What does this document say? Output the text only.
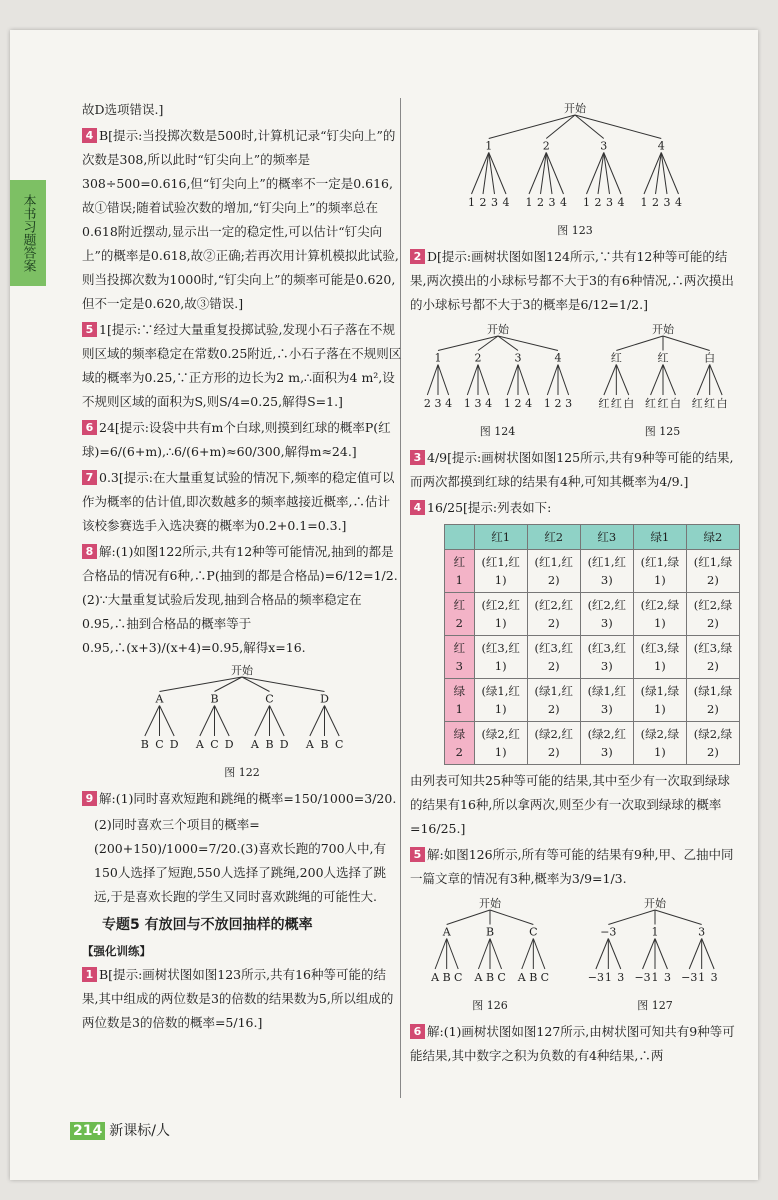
本书习题答案

故D选项错误.]

4 B[提示:当投掷次数是500时,计算机记录“钉尖向上”的次数是308,所以此时“钉尖向上”的频率是308÷500=0.616,但“钉尖向上”的概率不一定是0.616,故①错误;随着试验次数的增加,“钉尖向上”的频率总在0.618附近摆动,显示出一定的稳定性,可以估计“钉尖向上”的概率是0.618,故②正确;若再次用计算机模拟此试验,则当投掷次数为1000时,“钉尖向上”的频率可能是0.620,但不一定是0.620,故③错误.]

5 1[提示:∵经过大量重复投掷试验,发现小石子落在不规则区域的频率稳定在常数0.25附近,∴小石子落在不规则区域的概率为0.25,∵正方形的边长为2 m,∴面积为4 m²,设不规则区域的面积为S,则S/4=0.25,解得S=1.]

6 24[提示:设袋中共有m个白球,则摸到红球的概率P(红球)=6/(6+m),∴6/(6+m)≈60/300,解得m≈24.]

7 0.3[提示:在大量重复试验的情况下,频率的稳定值可以作为概率的估计值,即次数越多的频率越接近概率,∴估计该校参赛选手入选决赛的概率为0.2+0.1=0.3.]

8 解:(1)如图122所示,共有12种等可能情况,抽到的都是合格品的情况有6种,∴P(抽到的都是合格品)=6/12=1/2.(2)∵大量重复试验后发现,抽到合格品的频率稳定在0.95,∴抽到合格品的概率等于0.95,∴(x+3)/(x+4)=0.95,解得x=16.

开始
A
B C D
B
A C D
C
A B D
D
A B C
图 122

9 解:(1)同时喜欢短跑和跳绳的概率=150/1000=3/20.

(2)同时喜欢三个项目的概率=(200+150)/1000=7/20.(3)喜欢长跑的700人中,有150人选择了短跑,550人选择了跳绳,200人选择了跳远,于是喜欢长跑的学生又同时喜欢跳绳的可能性大.

专题5 有放回与不放回抽样的概率
【强化训练】

1 B[提示:画树状图如图123所示,共有16种等可能的结果,其中组成的两位数是3的倍数的结果数为5,所以组成的两位数是3的倍数的概率=5/16.]

开始
1
1 2 3 4
2
1 2 3 4
3
1 2 3 4
4
1 2 3 4
图 123

2 D[提示:画树状图如图124所示,∵共有12种等可能的结果,两次摸出的小球标号都不大于3的有6种情况,∴两次摸出的小球标号都不大于3的概率是6/12=1/2.]

开始
1
2 3 4
2
1 3 4
3
1 2 4
4
1 2 3
图 124
开始
红
红 红 白
红
红 红 白
白
红 红 白
图 125

3 4/9[提示:画树状图如图125所示,共有9种等可能的结果,而两次都摸到红球的结果有4种,可知其概率为4/9.]

4 16/25[提示:列表如下:

	红1	红2	红3	绿1	绿2
红1	(红1,红1)	(红1,红2)	(红1,红3)	(红1,绿1)	(红1,绿2)
红2	(红2,红1)	(红2,红2)	(红2,红3)	(红2,绿1)	(红2,绿2)
红3	(红3,红1)	(红3,红2)	(红3,红3)	(红3,绿1)	(红3,绿2)
绿1	(绿1,红1)	(绿1,红2)	(绿1,红3)	(绿1,绿1)	(绿1,绿2)
绿2	(绿2,红1)	(绿2,红2)	(绿2,红3)	(绿2,绿1)	(绿2,绿2)

由列表可知共25种等可能的结果,其中至少有一次取到绿球的结果有16种,所以拿两次,则至少有一次取到绿球的概率=16/25.]

5 解:如图126所示,所有等可能的结果有9种,甲、乙抽中同一篇文章的情况有3种,概率为3/9=1/3.

开始
A
A B C
B
A B C
C
A B C
图 126
开始
−3
−3 1 3
1
−3 1 3
3
−3 1 3
图 127

6 解:(1)画树状图如图127所示,由树状图可知共有9种等可能结果,其中数字之积为负数的有4种结果,∴两

214 新课标/人
